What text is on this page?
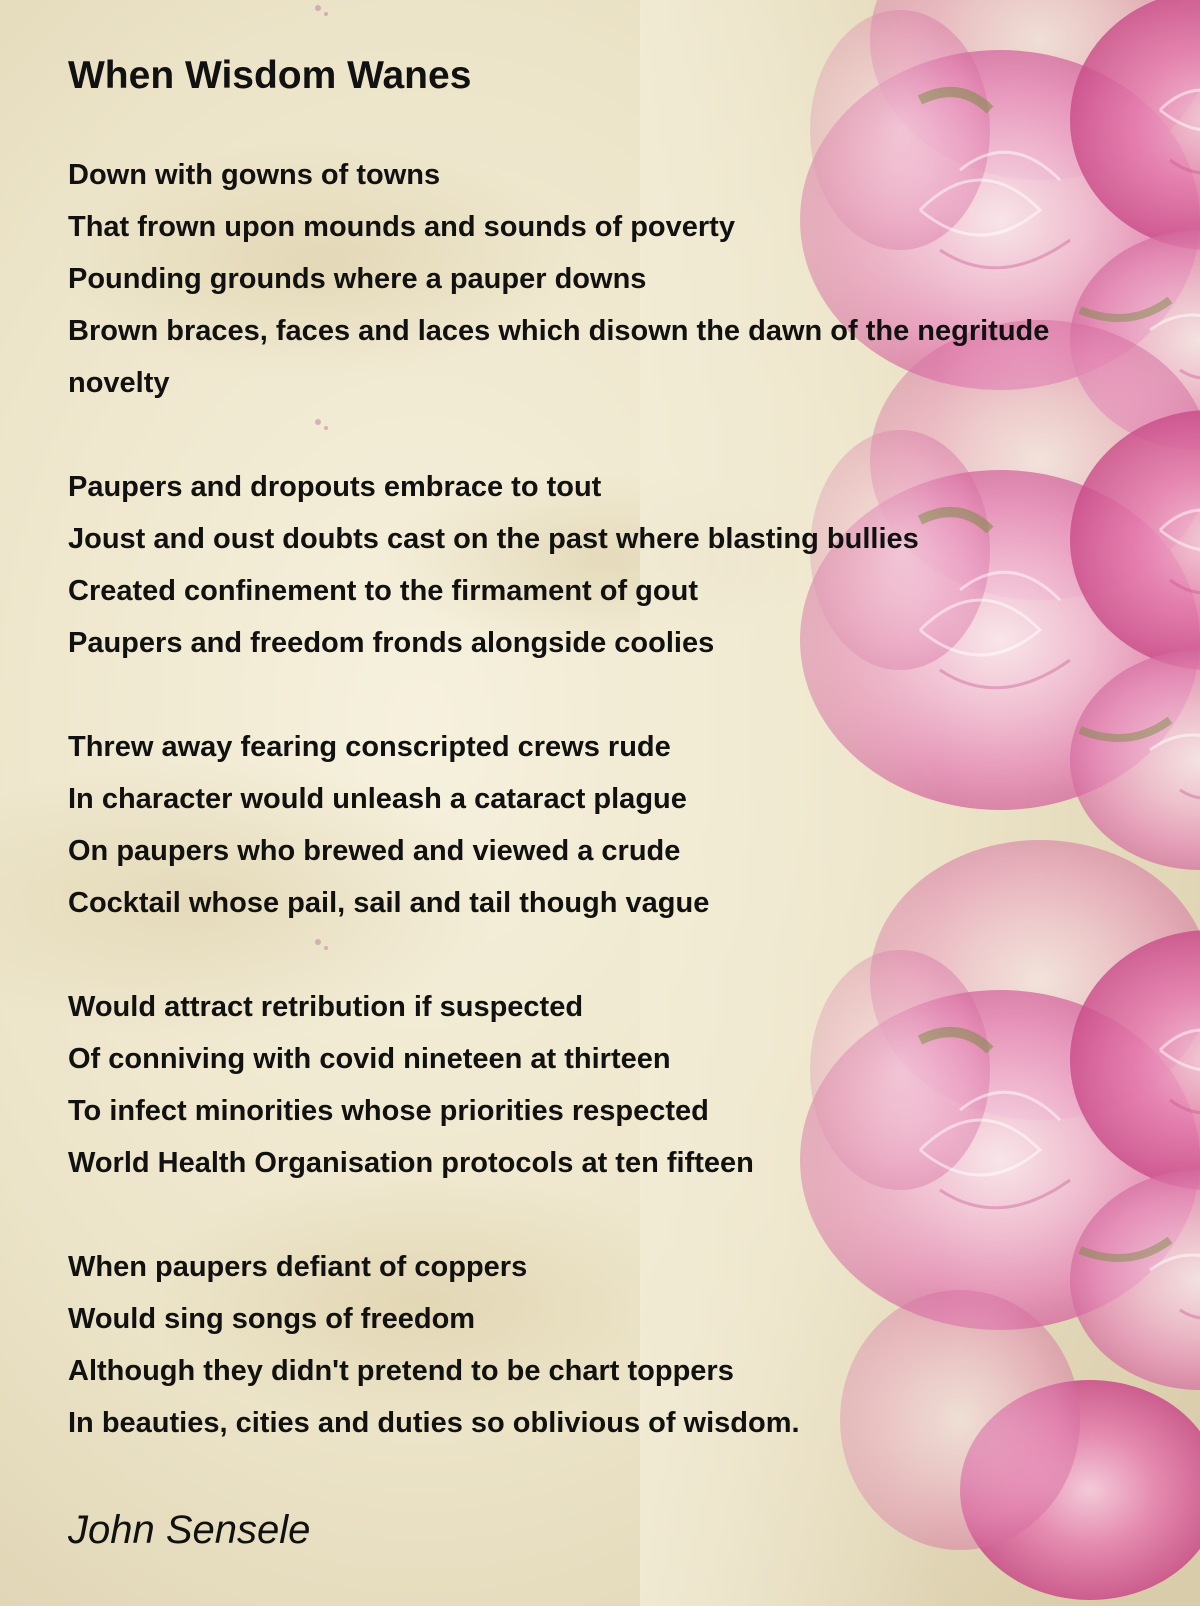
When Wisdom Wanes
Down with gowns of towns
That frown upon mounds and sounds of poverty
Pounding grounds where a pauper downs
Brown braces, faces and laces which disown the dawn of the negritude
novelty
Paupers and dropouts embrace to tout
Joust and oust doubts cast on the past where blasting bullies
Created confinement to the firmament of gout
Paupers and freedom fronds alongside coolies
Threw away fearing conscripted crews rude
In character would unleash a cataract plague
On paupers who brewed and viewed a crude
Cocktail whose pail, sail and tail though vague
Would attract retribution if suspected
Of conniving with covid nineteen at thirteen
To infect minorities whose priorities respected
World Health Organisation protocols at ten fifteen
When paupers defiant of coppers
Would sing songs of freedom
Although they didn't pretend to be chart toppers
In beauties, cities and duties so oblivious of wisdom.
John Sensele
